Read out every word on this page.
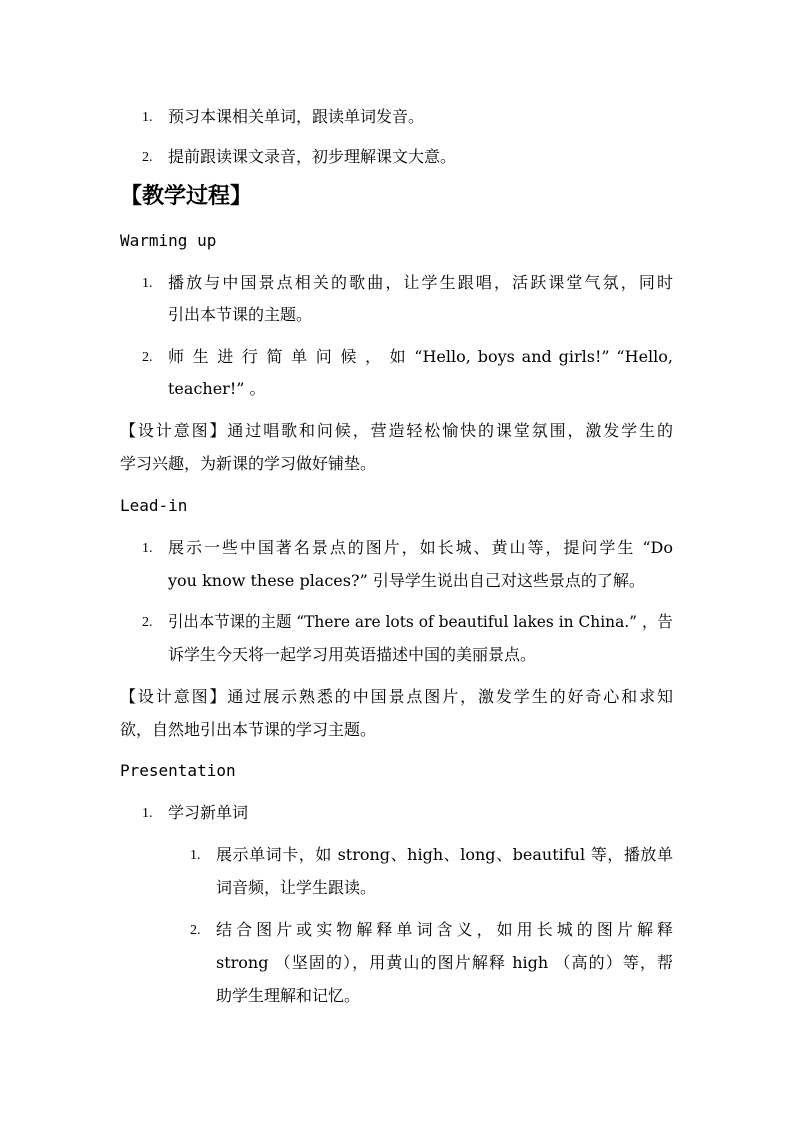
1. 预习本课相关单词，跟读单词发音。
2. 提前跟读课文录音，初步理解课文大意。
【教学过程】
Warming up
1. 播放与中国景点相关的歌曲，让学生跟唱，活跃课堂气氛，同时
引出本节课的主题。
2. 师 生 进 行 简 单 问 候 ， 如 “Hello, boys and girls!” “Hello,
teacher!” 。
【设计意图】通过唱歌和问候，营造轻松愉快的课堂氛围，激发学生的
学习兴趣，为新课的学习做好铺垫。
Lead-in
1. 展示一些中国著名景点的图片，如长城、黄山等，提问学生 “Do
you know these places?” 引导学生说出自己对这些景点的了解。
2. 引出本节课的主题 “There are lots of beautiful lakes in China.” ，告
诉学生今天将一起学习用英语描述中国的美丽景点。
【设计意图】通过展示熟悉的中国景点图片，激发学生的好奇心和求知
欲，自然地引出本节课的学习主题。
Presentation
1. 学习新单词
1. 展示单词卡，如 strong、high、long、beautiful 等，播放单
词音频，让学生跟读。
2. 结合图片或实物解释单词含义，如用长城的图片解释
strong （坚固的），用黄山的图片解释 high （高的）等，帮
助学生理解和记忆。
